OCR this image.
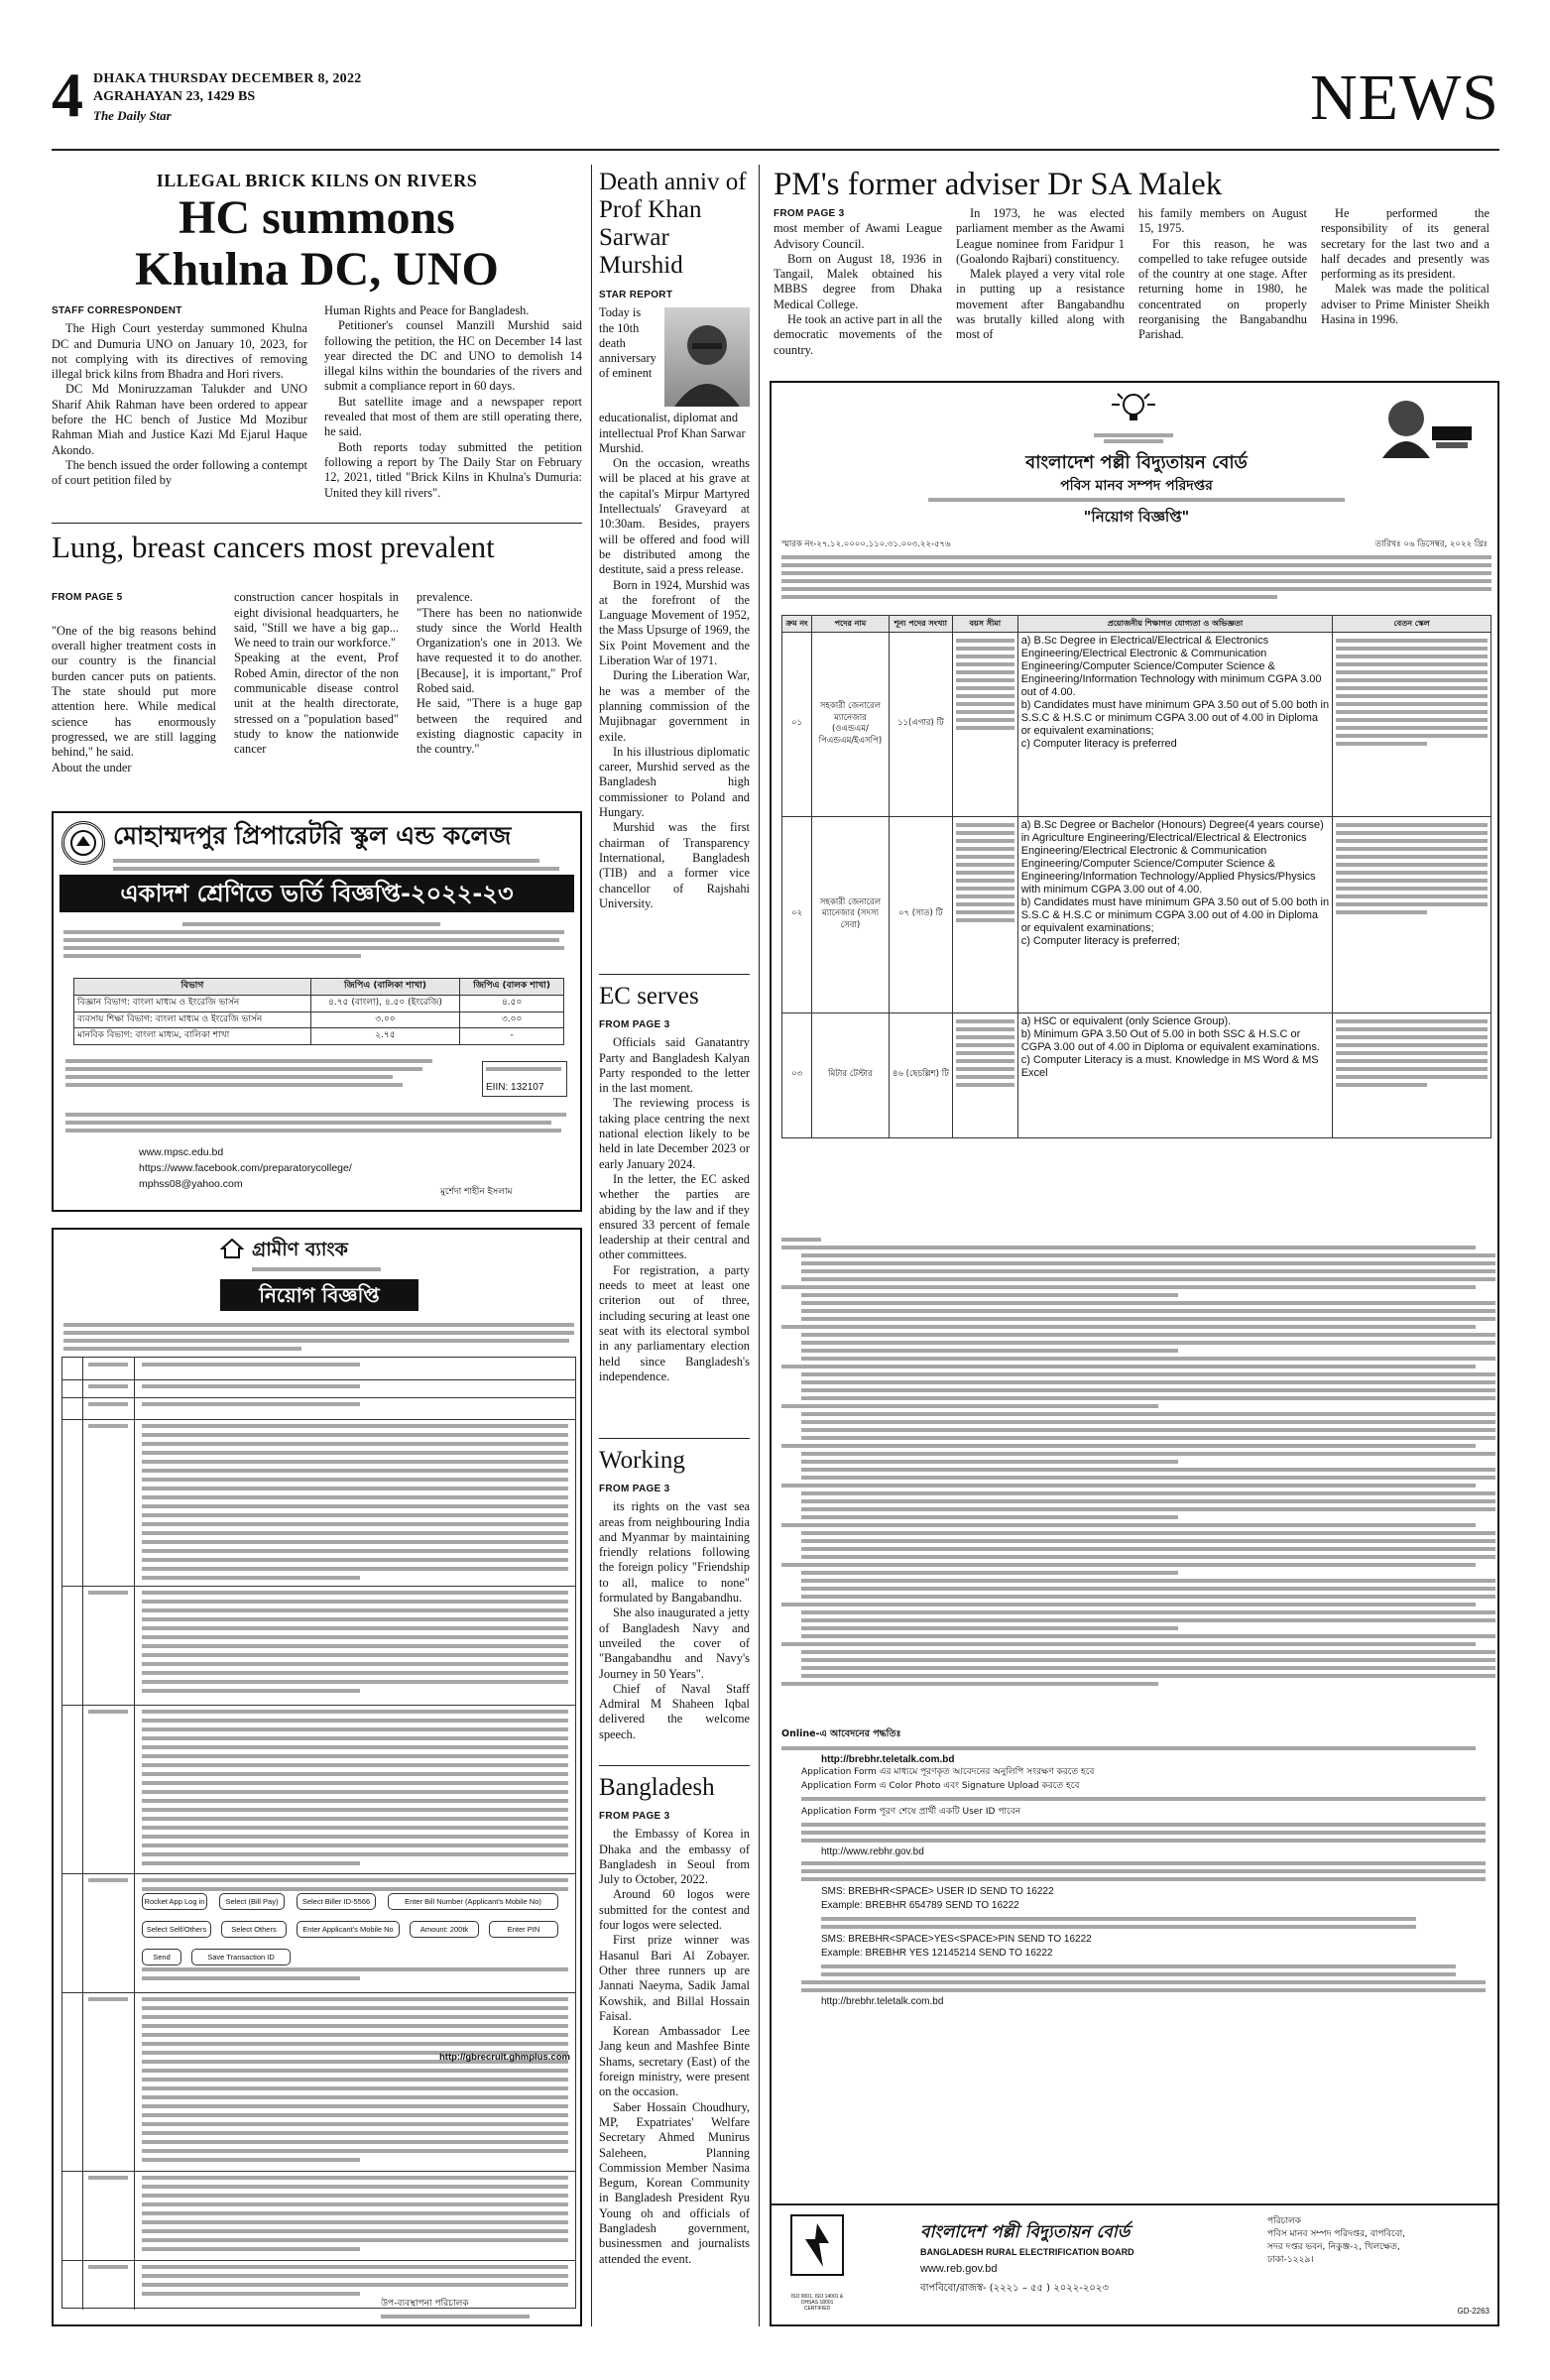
4 DHAKA THURSDAY DECEMBER 8, 2022
AGRAHAYAN 23, 1429 BS
The Daily Star	NEWS
ILLEGAL BRICK KILNS ON RIVERS
HC summons
Khulna DC, UNO
STAFF CORRESPONDENT

The High Court yesterday summoned Khulna DC and Dumuria UNO on January 10, 2023, for not complying with its directives of removing illegal brick kilns from Bhadra and Hori rivers.

DC Md Moniruzzaman Talukder and UNO Sharif Ahik Rahman have been ordered to appear before the HC bench of Justice Md Mozibur Rahman Miah and Justice Kazi Md Ejarul Haque Akondo.

The bench issued the order following a contempt of court petition filed by

Human Rights and Peace for Bangladesh.

Petitioner's counsel Manzill Murshid said following the petition, the HC on December 14 last year directed the DC and UNO to demolish 14 illegal kilns within the boundaries of the rivers and submit a compliance report in 60 days.

But satellite image and a newspaper report revealed that most of them are still operating there, he said.

Both reports today submitted the petition following a report by The Daily Star on February 12, 2021, titled "Brick Kilns in Khulna's Dumuria: United they kill rivers".

Lung, breast cancers most prevalent

FROM PAGE 5

"One of the big reasons behind overall higher treatment costs in our country is the financial burden cancer puts on patients. The state should put more attention here. While medical science has enormously progressed, we are still lagging behind," he said.
About the under

construction cancer hospitals in eight divisional headquarters, he said, "Still we have a big gap... We need to train our workforce."
Speaking at the event, Prof Robed Amin, director of the non communicable disease control unit at the health directorate, stressed on a "population based" study to know the nationwide cancer

prevalence.
"There has been no nationwide study since the World Health Organization's one in 2013. We have requested it to do another. [Because], it is important," Prof Robed said.
He said, "There is a huge gap between the required and existing diagnostic capacity in the country."

মোহাম্মদপুর প্রিপারেটরি স্কুল এন্ড কলেজ
একাদশ শ্রেণিতে ভর্তি বিজ্ঞপ্তি-২০২২-২৩
বিভাগ	জিপিএ (বালিকা শাখা)	জিপিএ (বালক শাখা)
বিজ্ঞান বিভাগ: বাংলা মাধ্যম ও ইংরেজি ভার্সন	৪.৭৫ (বাংলা), ৪.৫০ (ইংরেজি)	৪.৫০
ব্যবসায় শিক্ষা বিভাগ: বাংলা মাধ্যম ও ইংরেজি ভার্সন	৩.০০	৩.০০
মানবিক বিভাগ: বাংলা মাধ্যম, বালিকা শাখা	২.৭৫	-
EIIN: 132107
www.mpsc.edu.bd
https://www.facebook.com/preparatorycollege/
mphss08@yahoo.com
মুর্শেদা শাহীন ইসলাম
গ্রামীণ ব্যাংক
নিয়োগ বিজ্ঞপ্তি
Rocket App Log in	Select (Bill Pay)	Select Biller ID-5566	Enter Bill Number (Applicant's Mobile No)
Select Self/Others	Select Others	Enter Applicant's Mobile No	Amount: 200tk	Enter PIN
Send	Save Transaction ID
http://gbrecruit.ghmplus.com
উপ-ব্যবস্থাপনা পরিচালক
Death anniv of Prof Khan Sarwar Murshid
STAR REPORT

Today is the 10th death anniversary of eminent educationalist, diplomat and intellectual Prof Khan Sarwar Murshid.

On the occasion, wreaths will be placed at his grave at the capital's Mirpur Martyred Intellectuals' Graveyard at 10:30am. Besides, prayers will be offered and food will be distributed among the destitute, said a press release.

Born in 1924, Murshid was at the forefront of the Language Movement of 1952, the Mass Upsurge of 1969, the Six Point Movement and the Liberation War of 1971.

During the Liberation War, he was a member of the planning commission of the Mujibnagar government in exile.

In his illustrious diplomatic career, Murshid served as the Bangladesh high commissioner to Poland and Hungary.

Murshid was the first chairman of Transparency International, Bangladesh (TIB) and a former vice chancellor of Rajshahi University.

EC serves
FROM PAGE 3

Officials said Ganatantry Party and Bangladesh Kalyan Party responded to the letter in the last moment.

The reviewing process is taking place centring the next national election likely to be held in late December 2023 or early January 2024.

In the letter, the EC asked whether the parties are abiding by the law and if they ensured 33 percent of female leadership at their central and other committees.

For registration, a party needs to meet at least one criterion out of three, including securing at least one seat with its electoral symbol in any parliamentary election held since Bangladesh's independence.

Working
FROM PAGE 3

its rights on the vast sea areas from neighbouring India and Myanmar by maintaining friendly relations following the foreign policy "Friendship to all, malice to none" formulated by Bangabandhu.

She also inaugurated a jetty of Bangladesh Navy and unveiled the cover of "Bangabandhu and Navy's Journey in 50 Years".

Chief of Naval Staff Admiral M Shaheen Iqbal delivered the welcome speech.

Bangladesh
FROM PAGE 3

the Embassy of Korea in Dhaka and the embassy of Bangladesh in Seoul from July to October, 2022.

Around 60 logos were submitted for the contest and four logos were selected.

First prize winner was Hasanul Bari Al Zobayer. Other three runners up are Jannati Naeyma, Sadik Jamal Kowshik, and Billal Hossain Faisal.

Korean Ambassador Lee Jang keun and Mashfee Binte Shams, secretary (East) of the foreign ministry, were present on the occasion.

Saber Hossain Choudhury, MP, Expatriates' Welfare Secretary Ahmed Munirus Saleheen, Planning Commission Member Nasima Begum, Korean Community in Bangladesh President Ryu Young oh and officials of Bangladesh government, businessmen and journalists attended the event.

PM's former adviser Dr SA Malek
FROM PAGE 3

most member of Awami League Advisory Council.

Born on August 18, 1936 in Tangail, Malek obtained his MBBS degree from Dhaka Medical College.

He took an active part in all the democratic movements of the country.

In 1973, he was elected parliament member as the Awami League nominee from Faridpur 1 (Goalondo Rajbari) constituency.

Malek played a very vital role in putting up a resistance movement after Bangabandhu was brutally killed along with most of

his family members on August 15, 1975.

For this reason, he was compelled to take refugee outside of the country at one stage. After returning home in 1980, he concentrated on properly reorganising the Bangabandhu Parishad.

He performed the responsibility of its general secretary for the last two and a half decades and presently was performing as its president.

Malek was made the political adviser to Prime Minister Sheikh Hasina in 1996.

বাংলাদেশ পল্লী বিদ্যুতায়ন বোর্ড
পবিস মানব সম্পদ পরিদপ্তর
"নিয়োগ বিজ্ঞপ্তি"
স্মারক নং-২৭.১২.০০০০.১১০.৩১.০০৩.২২-৫৭৬	তারিখঃ ০৬ ডিসেম্বর, ২০২২ খ্রিঃ
ক্রম নং	পদের নাম	শূন্য পদের সংখ্যা	বয়স সীমা	প্রয়োজনীয় শিক্ষাগত যোগ্যতা ও অভিজ্ঞতা	বেতন স্কেল
০১	সহকারী জেনারেল ম্যানেজার (ওএন্ডএম/পিএন্ডএম/ইএসপি)	১১(এগার) টি		a) B.Sc Degree in Electrical/Electrical & Electronics Engineering/Electrical Electronic & Communication Engineering/Computer Science/Computer Science & Engineering/Information Technology with minimum CGPA 3.00 out of 4.00.
b) Candidates must have minimum GPA 3.50 out of 5.00 both in S.S.C & H.S.C or minimum CGPA 3.00 out of 4.00 in Diploma or equivalent examinations;
c) Computer literacy is preferred	

০২	সহকারী জেনারেল ম্যানেজার (সদস্য সেবা)	০৭ (সাত) টি		a) B.Sc Degree or Bachelor (Honours) Degree(4 years course) in Agriculture Engineering/Electrical/Electrical & Electronics Engineering/Electrical Electronic & Communication Engineering/Computer Science/Computer Science & Engineering/Information Technology/Applied Physics/Physics with minimum CGPA 3.00 out of 4.00.
b) Candidates must have minimum GPA 3.50 out of 5.00 both in S.S.C & H.S.C or minimum CGPA 3.00 out of 4.00 in Diploma or equivalent examinations;
c) Computer literacy is preferred;	

০৩	মিটার টেস্টার	৪৬ (ছেচল্লিশ) টি		a) HSC or equivalent (only Science Group).
b) Minimum GPA 3.50 Out of 5.00 in both SSC & H.S.C or CGPA 3.00 out of 4.00 in Diploma or equivalent examinations.
c) Computer Literacy is a must. Knowledge in MS Word & MS Excel	

Online-এ আবেদনের পদ্ধতিঃ
http://brebhr.teletalk.com.bd
Application Form এর মাধ্যমে পূরণকৃত আবেদনের অনুলিপি সংরক্ষণ করতে হবে
Application Form এ Color Photo এবং Signature Upload করতে হবে
Application Form পূরণ শেষে প্রার্থী একটি User ID পাবেন
http://www.rebhr.gov.bd
SMS: BREBHR<SPACE> USER ID SEND TO 16222
Example: BREBHR 654789 SEND TO 16222
SMS: BREBHR<SPACE>YES<SPACE>PIN SEND TO 16222
Example: BREBHR YES 12145214 SEND TO 16222
http://brebhr.teletalk.com.bd
ISO 9001, ISO 14001 & OHSAS 18001 CERTIFIED
বাংলাদেশ পল্লী বিদ্যুতায়ন বোর্ড
BANGLADESH RURAL ELECTRIFICATION BOARD
www.reb.gov.bd
বাপবিবো/রাজস্ব- (২২২১ – ৫৫ ) ২০২২-২০২৩
পরিচালক
পবিস মানব সম্পদ পরিদপ্তর, বাপবিবো,
সদর দপ্তর ভবন, নিকুঞ্জ-২, খিলক্ষেত,
ঢাকা-১২২৯।
GD-2263
